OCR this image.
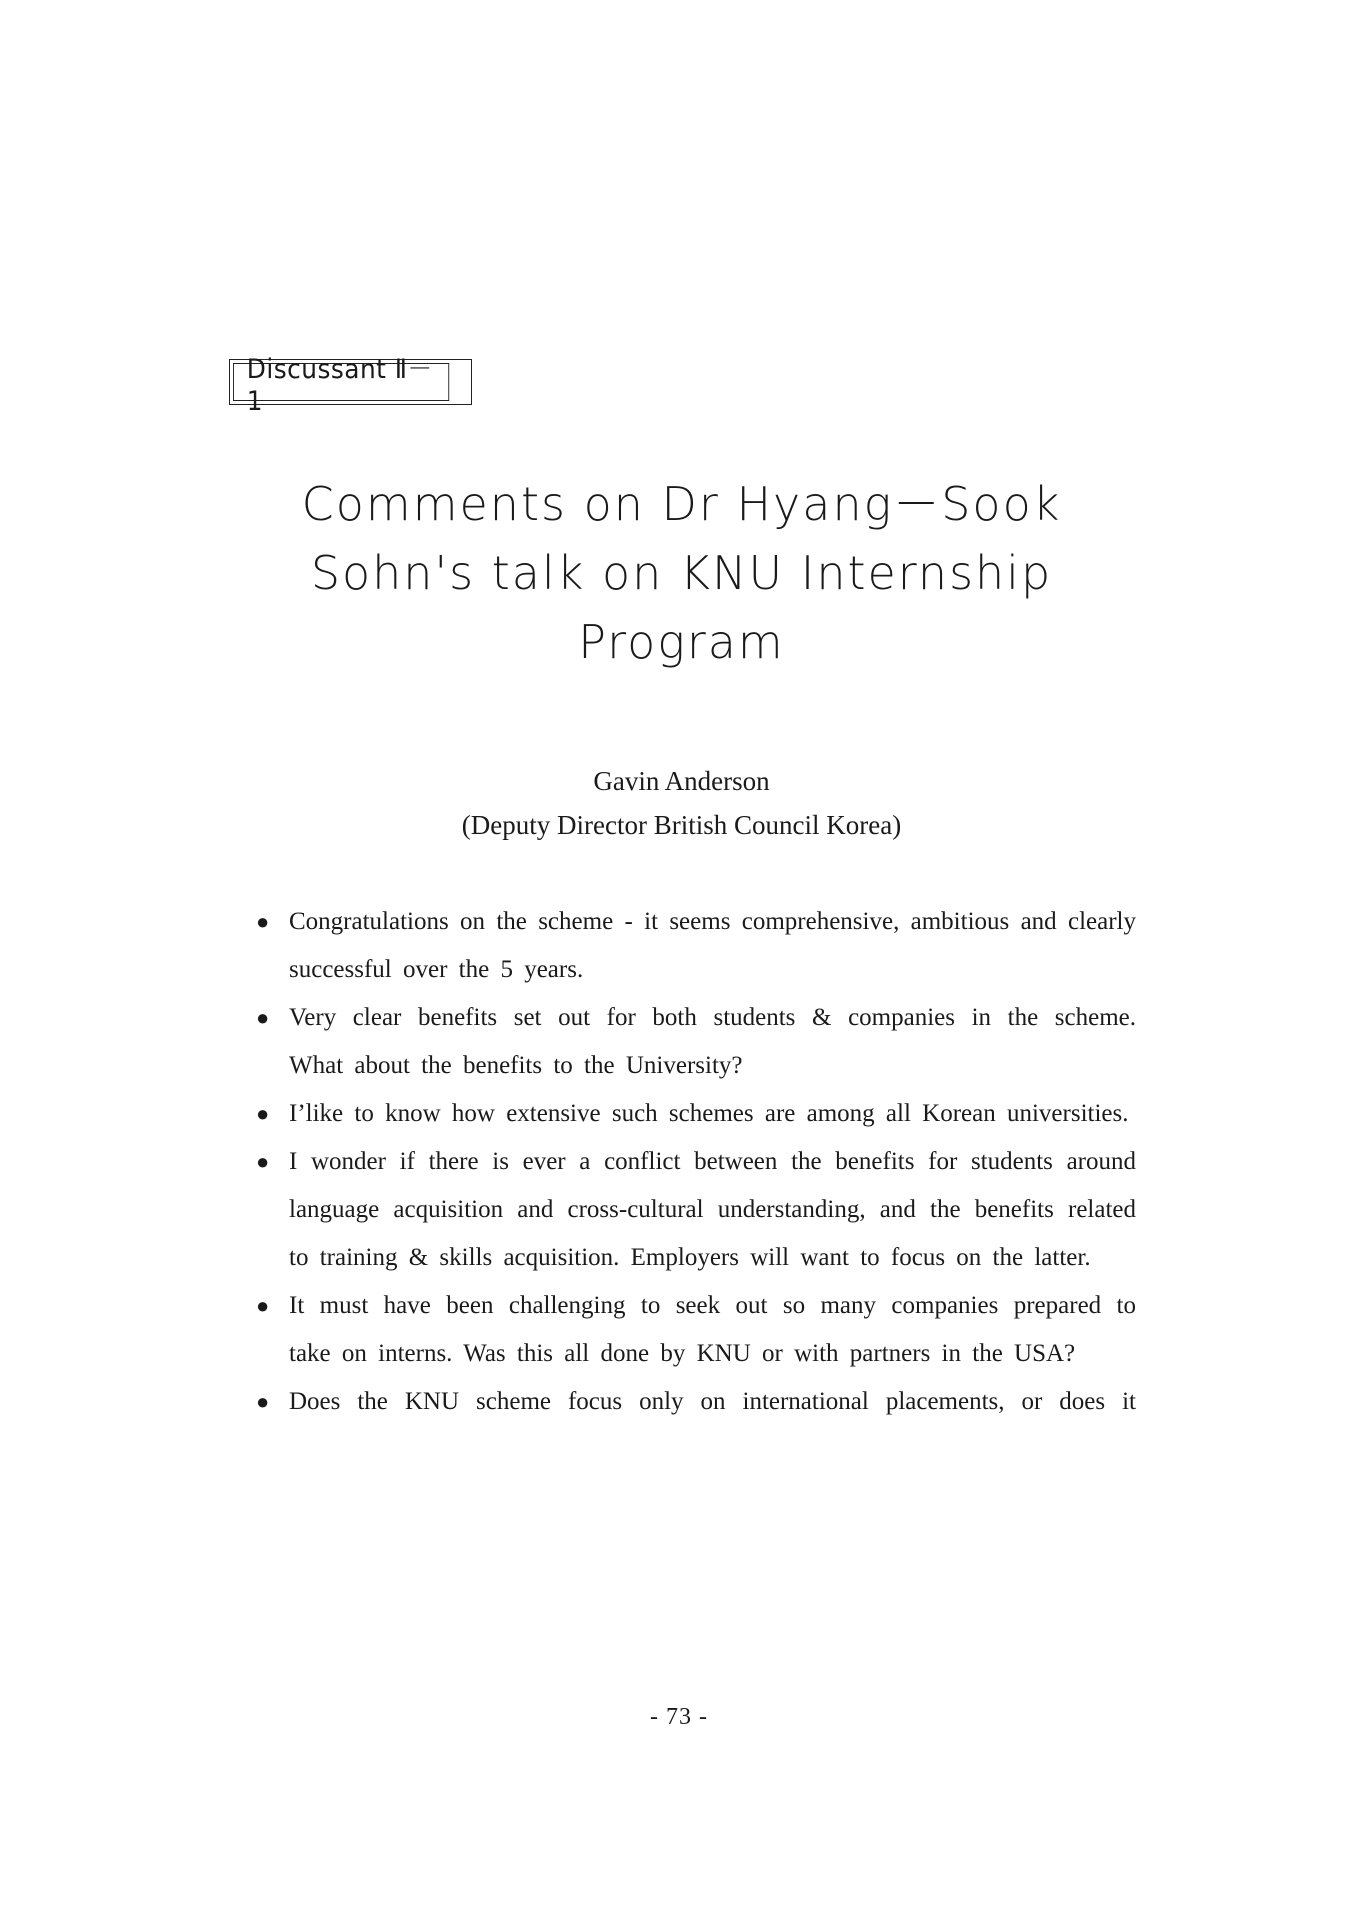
Discussant Ⅱ－1
Comments on Dr Hyang－Sook
Sohn's talk on KNU Internship
Program
Gavin Anderson
(Deputy Director British Council Korea)
● Congratulations on the scheme - it seems comprehensive, ambitious and clearly successful over the 5 years.
● Very clear benefits set out for both students & companies in the scheme. What about the benefits to the University?
● I’like to know how extensive such schemes are among all Korean universities.
● I wonder if there is ever a conflict between the benefits for students around language acquisition and cross-cultural understanding, and the benefits related to training & skills acquisition. Employers will want to focus on the latter.
● It must have been challenging to seek out so many companies prepared to take on interns. Was this all done by KNU or with partners in the USA?
● Does the KNU scheme focus only on international placements, or does it
- 73 -
